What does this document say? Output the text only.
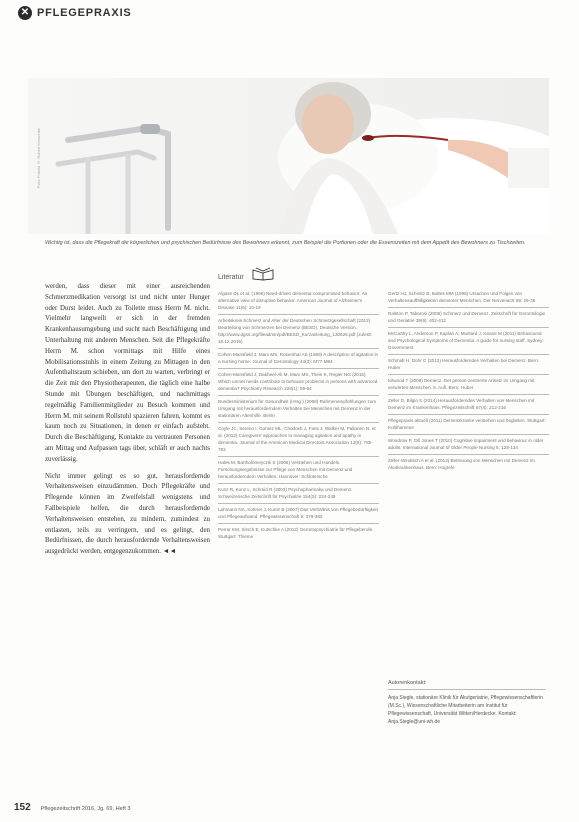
✕ PFLEGEPRAXIS
Foto: Fotolia © Robert Kneschke
Wichtig ist, dass die Pflegekraft die körperlichen und psychischen Bedürfnisse des Bewohners erkennt, zum Beispiel die Portionen oder die Essenszeiten mit dem Appetit des Bewohners zu Tischzeiten.

werden, dass dieser mit einer ausreichenden Schmerzmedikation versorgt ist und nicht unter Hunger oder Durst leidet. Auch zu Toilette muss Herrn M. nicht. Vielmehr langweilt er sich in der fremden Krankenhausumgebung und sucht nach Beschäftigung und Unterhaltung mit anderen Menschen. Seit die Pflegekräfte Herrn M. schon vormittags mit Hilfe eines Mobilisationsstuhls in einem Zeitung zu Mittagen in den Aufenthaltsraum schieben, um dort zu warten, verbringt er die Zeit mit den Physiotherapeuten, die täglich eine halbe Stunde mit Übungen beschäftigen, und nachmittags regelmäßig Familienmitglieder zu Besuch kommen und Herrn M. mit seinem Rollstuhl spazieren fahren, kommt es kaum noch zu Situationen, in denen er einfach aufsteht. Durch die Beschäftigung, Kontakte zu vertrauten Personen am Mittag und Aufpassen tags über, schläft er auch nachts zuverlässig.

Nicht immer gelingt es so gut, herausfordernde Verhaltensweisen einzudämmen. Doch Pflegekräfte und Pflegende können im Zweifelsfall wenigstens und Fallbeispiele helfen, die durch herausfordernde Verhaltensweisen entstehen, zu mindern, zumindest zu entlasten, teils zu verringern, und es gelingt, den Bedürfnissen, die durch herausfordernde Verhaltensweisen ausgedrückt werden, entgegenzukommen. ◄◄

Literatur
Algase DL et al. (1996) Need-driven dementia-compromised behavior: An alternative view of disruptive behavior. American Journal of Alzheimer's Disease 11(6): 10-19
Arbeitskreis Schmerz und Alter der Deutschen Schmerzgesellschaft (2012) Beurteilung von Schmerzen bei Demenz (BESD). Deutsche Version. http://www.dgss.org/fileadmin/pdf/BESD_Kurzanleitung_130626.pdf (zuletzt 18.12.2015)
Cohen-Mansfield J, Marx MS, Rosenthal AS (1989) A description of agitation in a nursing home. Journal of Gerontology 44(3): M77-M84
Cohen-Mansfield J, Dakheel-Ali M, Marx MS, Thein K, Regier NG (2015) Which unmet needs contribute to behavior problems in persons with advanced dementia? Psychiatry Research 228(1): 59-64
Bundesministerium für Gesundheit (Hrsg.) (2006) Rahmenempfehlungen zum Umgang mit herausforderndem Verhalten bei Menschen mit Demenz in der stationären Altenhilfe. Berlin
Coyle JC, Sereno I, Gomez ML, Chodosh J, Faris J, Walker M, Pallanen N, et al. (2012) Caregivers' approaches to managing agitation and apathy in dementia. Journal of the American Medical Directors Association 13(9): 785-792
Halek M, Bartholomeyczik S (2006) Verstehen und Handeln. Forschungsergebnisse zur Pflege von Menschen mit Demenz und herausforderndem Verhalten. Hannover: Schlütersche
Kunz R, Kunz L, Schmid R (2003) Psychopharmaka und Demenz. Schweizerische Zeitschrift für Psychiatrie 154(5): 234-248
Lahmann NA, Kottner J, Kuntz B (2007) Das Verhältnis von Pflegebedürftigkeit und Pflegeaufwand. Pflegewissenschaft 9: 379-383
Perrar KM, Sirsch E, Kutschke A (2012) Gerontopsychiatrie für Pflegeberufe. Stuttgart: Thieme
Gertz HJ, Schmitz B, Baltes MM (1998) Ursachen und Folgen von Verhaltensauffälligkeiten dementer Menschen. Der Nervenarzt 69: 29-36
Ralston P, Tabarosi (2006) Schmerz und Demenz. Zeitschrift für Gerontologie und Geriatrie 39(6): 402-412
McCarthy L, Anderson P, Kaplan A, Mustard J, Keane M (2011) Behavioural and Psychological Symptoms of Dementia. A guide for nursing staff. Sydney: Government
Schmidt H, Dohr C (2013) Herausforderndes Verhalten bei Demenz. Bern: Huber
Kitwood T (2008) Demenz. Der person-zentrierte Ansatz im Umgang mit verwirrten Menschen. 5. Aufl. Bern: Huber
Zeller D, Bilgin S (2014) Herausforderndes Verhalten von Menschen mit Demenz im Krankenhaus. Pflegezeitschrift 67(4): 212-216
Pflegepraxis aktuell (2011) Demenzkranke verstehen und begleiten. Stuttgart: Kohlhammer
Woodrow P, Gill Jones T (2010) Cognitive impairment and behaviour in older adults. International Journal of Older People Nursing 5: 128-134
Zeller-Windisch A et al. (2012) Betreuung von Menschen mit Demenz im Akutkrankenhaus. Bern: Hogrefe
Autorenkontakt:
Anja Siegle, stationäre Klinik für Akutgeriatrie, Pflegewissenschaftlerin (M.Sc.), Wissenschaftliche Mitarbeiterin am Institut für Pflegewissenschaft, Universität Witten/Herdecke. Kontakt: Anja.Siegle@uni-wh.de
152 Pflegezeitschrift 2016, Jg. 69, Heft 3
